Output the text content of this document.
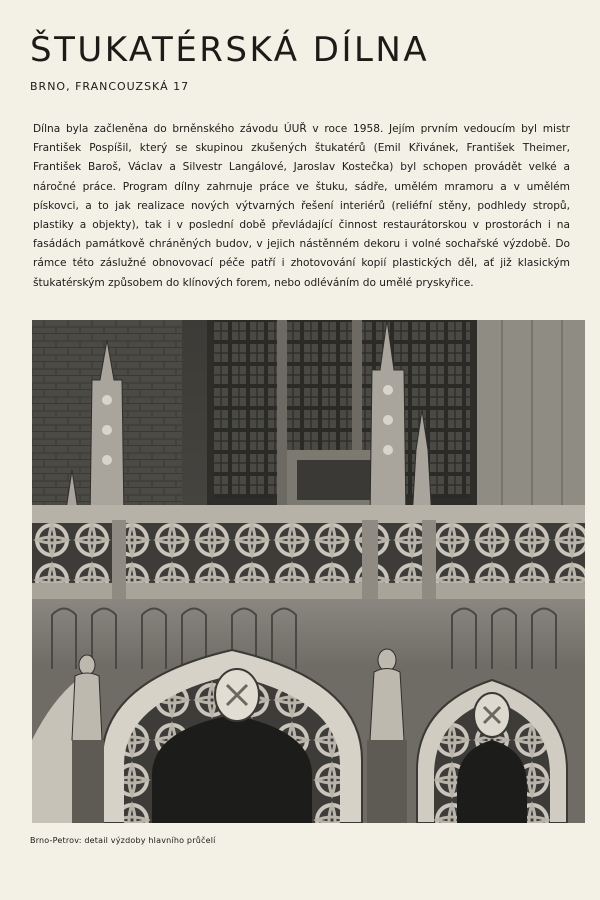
ŠTUKATÉRSKÁ DÍLNA
BRNO, FRANCOUZSKÁ 17

Dílna byla začleněna do brněnského závodu ÚUŘ v roce 1958. Jejím prvním vedoucím byl mistr František Pospíšil, který se skupinou zkušených štukatérů (Emil Křivánek, František Theimer, František Baroš, Václav a Silvestr Langálové, Jaroslav Kostečka) byl schopen provádět velké a náročné práce. Program dílny zahrnuje práce ve štuku, sádře, umělém mramoru a v umělém pískovci, a to jak realizace nových výtvarných řešení interiérů (reliéfní stěny, podhledy stropů, plastiky a objekty), tak i v poslední době převládající činnost restaurátorskou v prostorách i na fasádách památkově chráněných budov, v jejich nástěnném dekoru i volné sochařské výzdobě. Do rámce této záslužné obnovovací péče patří i zhotovování kopií plastických děl, ať již klasickým štukatérským způsobem do klínových forem, nebo odléváním do umělé pryskyřice.

Brno-Petrov: detail výzdoby hlavního průčelí
